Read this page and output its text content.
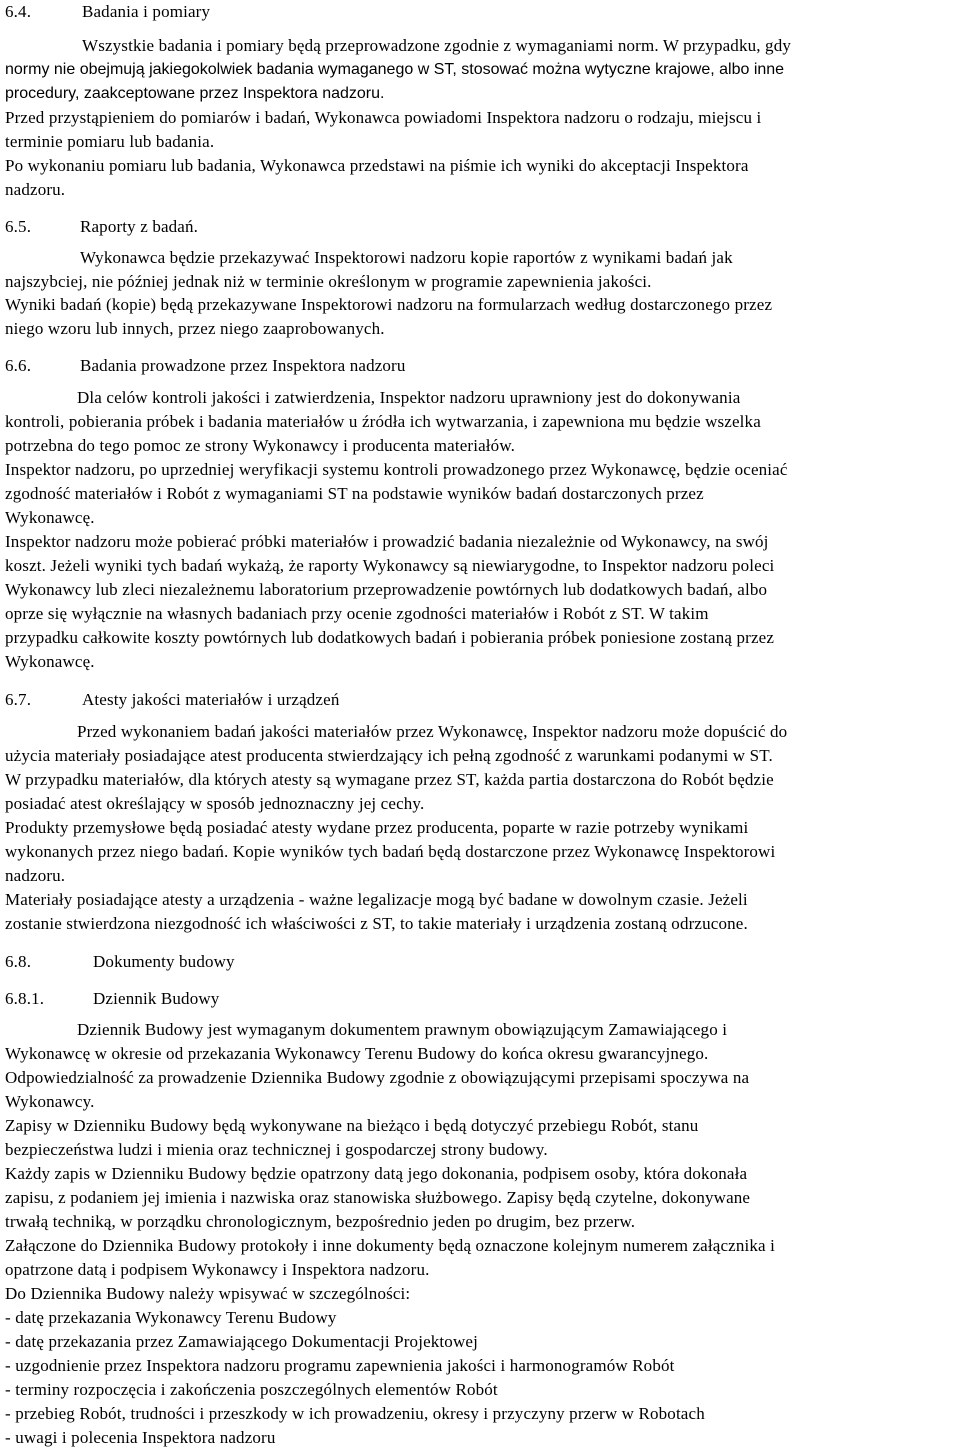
6.4.	Badania i pomiary
Wszystkie badania i pomiary będą przeprowadzone zgodnie z wymaganiami norm. W przypadku, gdy
normy nie obejmują jakiegokolwiek badania wymaganego w ST, stosować można wytyczne krajowe, albo inne
procedury, zaakceptowane przez Inspektora nadzoru.
Przed przystąpieniem do pomiarów i badań, Wykonawca powiadomi Inspektora nadzoru o rodzaju, miejscu i
terminie pomiaru lub badania.
Po wykonaniu pomiaru lub badania, Wykonawca przedstawi na piśmie ich wyniki do akceptacji Inspektora
nadzoru.
6.5.	Raporty z badań.
Wykonawca będzie przekazywać Inspektorowi nadzoru kopie raportów z wynikami badań jak
najszybciej, nie później jednak niż w terminie określonym w programie zapewnienia jakości.
Wyniki badań (kopie) będą przekazywane Inspektorowi nadzoru na formularzach według dostarczonego przez
niego wzoru lub innych, przez niego zaaprobowanych.
6.6.	Badania prowadzone przez Inspektora nadzoru
Dla celów kontroli jakości i zatwierdzenia, Inspektor nadzoru uprawniony jest do dokonywania
kontroli, pobierania próbek i badania materiałów u źródła ich wytwarzania, i zapewniona mu będzie wszelka
potrzebna do tego pomoc ze strony Wykonawcy i producenta materiałów.
Inspektor nadzoru, po uprzedniej weryfikacji systemu kontroli prowadzonego przez Wykonawcę, będzie oceniać
zgodność materiałów i Robót z wymaganiami ST na podstawie wyników badań dostarczonych przez
Wykonawcę.
Inspektor nadzoru może pobierać próbki materiałów i prowadzić badania niezależnie od Wykonawcy, na swój
koszt. Jeżeli wyniki tych badań wykażą, że raporty Wykonawcy są niewiarygodne, to Inspektor nadzoru poleci
Wykonawcy lub zleci niezależnemu laboratorium przeprowadzenie powtórnych lub dodatkowych badań, albo
oprze się wyłącznie na własnych badaniach przy ocenie zgodności materiałów i Robót z ST. W takim
przypadku całkowite koszty powtórnych lub dodatkowych badań i pobierania próbek poniesione zostaną przez
Wykonawcę.
6.7.	Atesty jakości materiałów i urządzeń
Przed wykonaniem badań jakości materiałów przez Wykonawcę, Inspektor nadzoru może dopuścić do
użycia materiały posiadające atest producenta stwierdzający ich pełną zgodność z warunkami podanymi w ST.
W przypadku materiałów, dla których atesty są wymagane przez ST, każda partia dostarczona do Robót będzie
posiadać atest określający w sposób jednoznaczny jej cechy.
Produkty przemysłowe będą posiadać atesty wydane przez producenta, poparte w razie potrzeby wynikami
wykonanych przez niego badań. Kopie wyników tych badań będą dostarczone przez Wykonawcę Inspektorowi
nadzoru.
Materiały posiadające atesty a urządzenia - ważne legalizacje mogą być badane w dowolnym czasie. Jeżeli
zostanie stwierdzona niezgodność ich właściwości z ST, to takie materiały i urządzenia zostaną odrzucone.
6.8.	Dokumenty budowy
6.8.1.	Dziennik Budowy
Dziennik Budowy jest wymaganym dokumentem prawnym obowiązującym Zamawiającego i
Wykonawcę w okresie od przekazania Wykonawcy Terenu Budowy do końca okresu gwarancyjnego.
Odpowiedzialność za prowadzenie Dziennika Budowy zgodnie z obowiązującymi przepisami spoczywa na
Wykonawcy.
Zapisy w Dzienniku Budowy będą wykonywane na bieżąco i będą dotyczyć przebiegu Robót, stanu
bezpieczeństwa ludzi i mienia oraz technicznej i gospodarczej strony budowy.
Każdy zapis w Dzienniku Budowy będzie opatrzony datą jego dokonania, podpisem osoby, która dokonała
zapisu, z podaniem jej imienia i nazwiska oraz stanowiska służbowego. Zapisy będą czytelne, dokonywane
trwałą techniką, w porządku chronologicznym, bezpośrednio jeden po drugim, bez przerw.
Załączone do Dziennika Budowy protokoły i inne dokumenty będą oznaczone kolejnym numerem załącznika i
opatrzone datą i podpisem Wykonawcy i Inspektora nadzoru.
Do Dziennika Budowy należy wpisywać w szczególności:
- datę przekazania Wykonawcy Terenu Budowy
- datę przekazania przez Zamawiającego Dokumentacji Projektowej
- uzgodnienie przez Inspektora nadzoru programu zapewnienia jakości i harmonogramów Robót
- terminy rozpoczęcia i zakończenia poszczególnych elementów Robót
- przebieg Robót, trudności i przeszkody w ich prowadzeniu, okresy i przyczyny przerw w Robotach
- uwagi i polecenia Inspektora nadzoru
